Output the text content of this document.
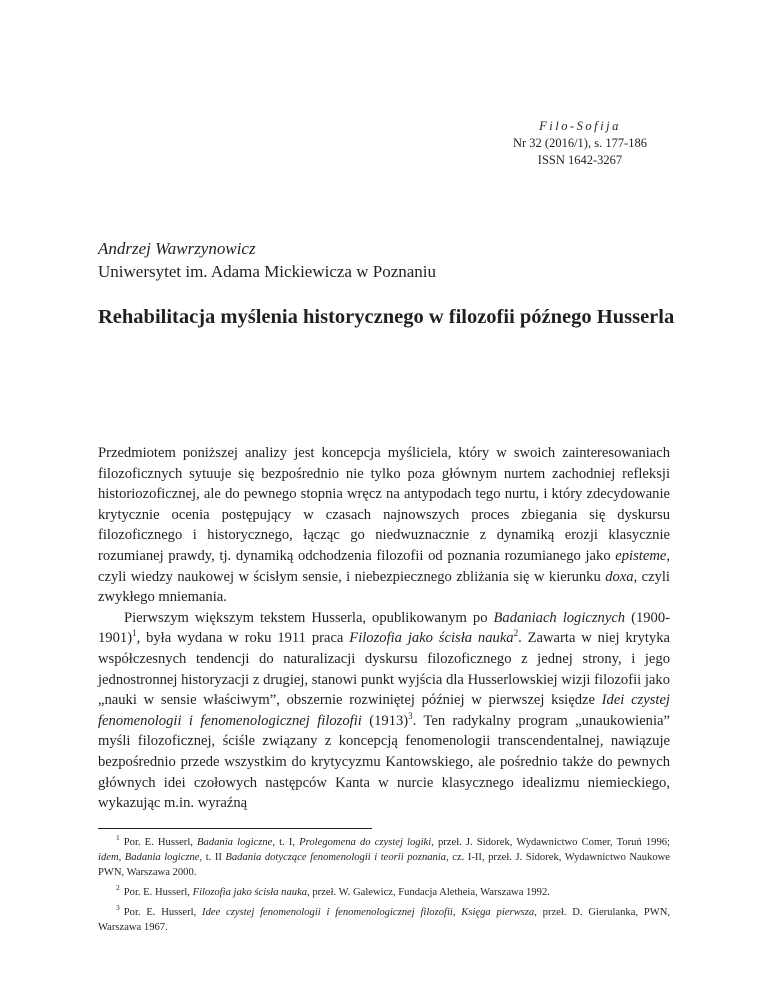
Filo-Sofija
Nr 32 (2016/1), s. 177-186
ISSN 1642-3267
Andrzej Wawrzynowicz
Uniwersytet im. Adama Mickiewicza w Poznaniu
Rehabilitacja myślenia historycznego w filozofii późnego Husserla

Przedmiotem poniższej analizy jest koncepcja myśliciela, który w swoich zainteresowaniach filozoficznych sytuuje się bezpośrednio nie tylko poza głównym nurtem zachodniej refleksji historiozoficznej, ale do pewnego stopnia wręcz na antypodach tego nurtu, i który zdecydowanie krytycznie ocenia postępujący w czasach najnowszych proces zbiegania się dyskursu filozoficznego i historycznego, łącząc go niedwuznacznie z dynamiką erozji klasycznie rozumianej prawdy, tj. dynamiką odchodzenia filozofii od poznania rozumianego jako episteme, czyli wiedzy naukowej w ścisłym sensie, i niebezpiecznego zbliżania się w kierunku doxa, czyli zwykłego mniemania.

Pierwszym większym tekstem Husserla, opublikowanym po Badaniach logicznych (1900-1901)$^1$, była wydana w roku 1911 praca Filozofia jako ścisła nauka$^2$. Zawarta w niej krytyka współczesnych tendencji do naturalizacji dyskursu filozoficznego z jednej strony, i jego jednostronnej historyzacji z drugiej, stanowi punkt wyjścia dla Husserlowskiej wizji filozofii jako „nauki w sensie właściwym”, obszernie rozwiniętej później w pierwszej księdze Idei czystej fenomenologii i fenomenologicznej filozofii $(1913)^3$. Ten radykalny program „unaukowienia” myśli filozoficznej, ściśle związany z koncepcją fenomenologii transcendentalnej, nawiązuje bezpośrednio przede wszystkim do krytycyzmu Kantowskiego, ale pośrednio także do pewnych głównych idei czołowych następców Kanta w nurcie klasycznego idealizmu niemieckiego, wykazując m.in. wyraźną

$^1$ Por. E. Husserl, Badania logiczne, t. I, Prolegomena do czystej logiki, przeł. J. Sidorek, Wydawnictwo Comer, Toruń 1996; idem, Badania logiczne, t. II Badania dotyczące fenomenologii i teorii poznania, cz. I-II, przeł. J. Sidorek, Wydawnictwo Naukowe PWN, Warszawa 2000.

$^2$ Por. E. Husserl, Filozofia jako ścisła nauka, przeł. W. Galewicz, Fundacja Aletheia, Warszawa 1992.

$^3$ Por. E. Husserl, Idee czystej fenomenologii i fenomenologicznej filozofii, Księga pierwsza, przeł. D. Gierulanka, PWN, Warszawa 1967.
